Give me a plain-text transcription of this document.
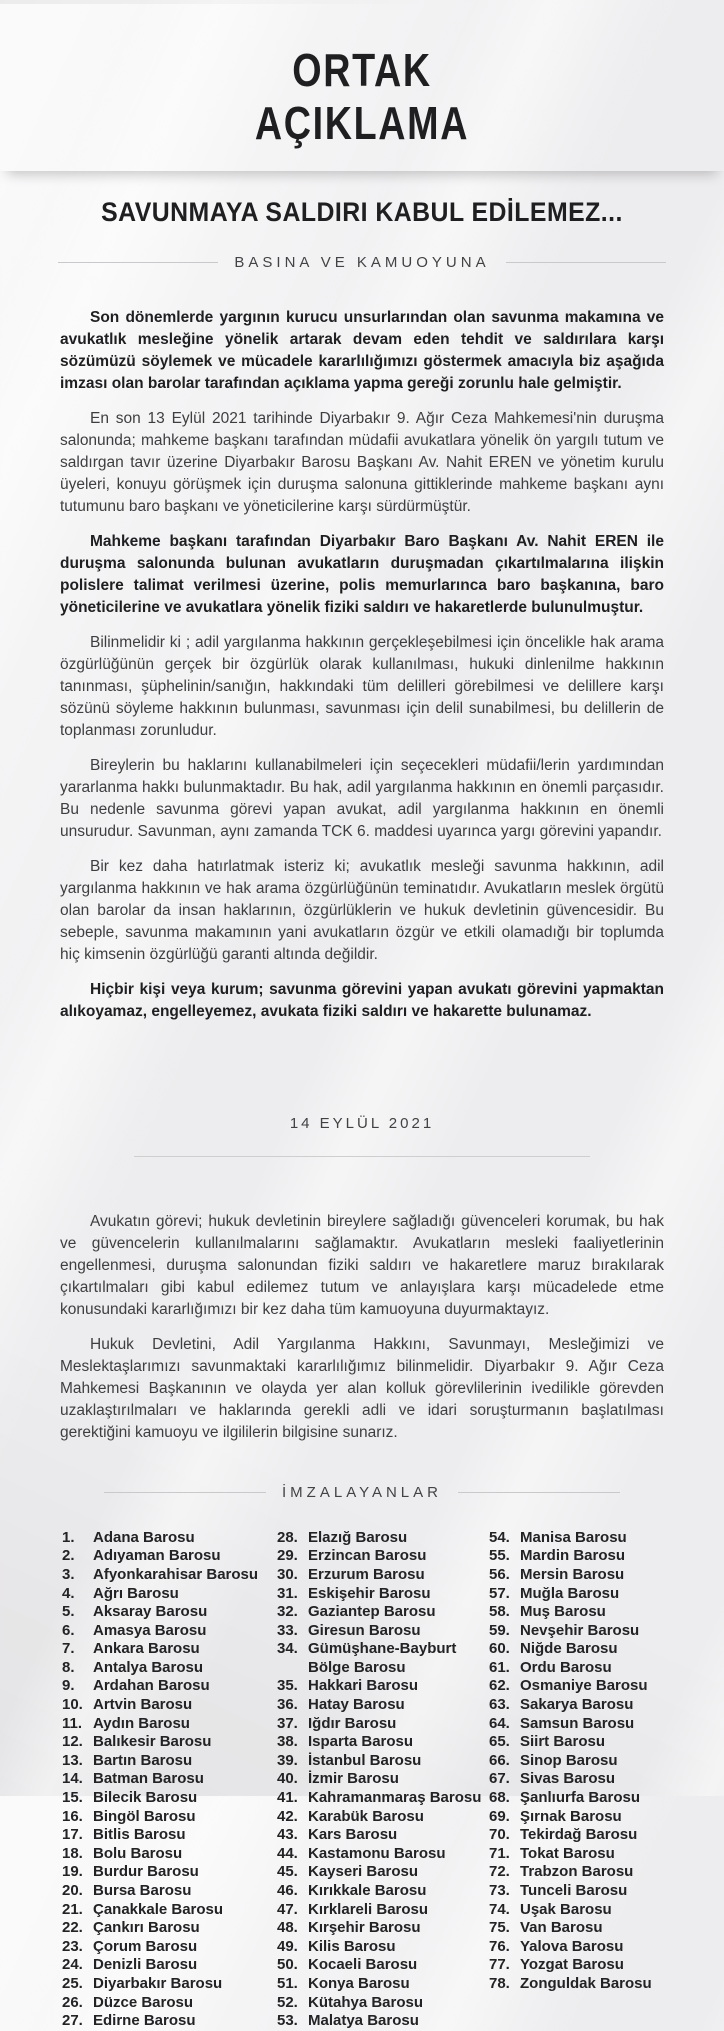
ORTAK
AÇIKLAMA
SAVUNMAYA SALDIRI KABUL EDİLEMEZ...
BASINA VE KAMUOYUNA

Son dönemlerde yargının kurucu unsurlarından olan savunma makamına ve avukatlık mesleğine yönelik artarak devam eden tehdit ve saldırılara karşı sözümüzü söylemek ve mücadele kararlılığımızı göstermek amacıyla biz aşağıda imzası olan barolar tarafından açıklama yapma gereği zorunlu hale gelmiştir.

En son 13 Eylül 2021 tarihinde Diyarbakır 9. Ağır Ceza Mahkemesi'nin duruşma salonunda; mahkeme başkanı tarafından müdafii avukatlara yönelik ön yargılı tutum ve saldırgan tavır üzerine Diyarbakır Barosu Başkanı Av. Nahit EREN ve yönetim kurulu üyeleri, konuyu görüşmek için duruşma salonuna gittiklerinde mahkeme başkanı aynı tutumunu baro başkanı ve yöneticilerine karşı sürdürmüştür.

Mahkeme başkanı tarafından Diyarbakır Baro Başkanı Av. Nahit EREN ile duruşma salonunda bulunan avukatların duruşmadan çıkartılmalarına ilişkin polislere talimat verilmesi üzerine, polis memurlarınca baro başkanına, baro yöneticilerine ve avukatlara yönelik fiziki saldırı ve hakaretlerde bulunulmuştur.

Bilinmelidir ki ; adil yargılanma hakkının gerçekleşebilmesi için öncelikle hak arama özgürlüğünün gerçek bir özgürlük olarak kullanılması, hukuki dinlenilme hakkının tanınması, şüphelinin/sanığın, hakkındaki tüm delilleri görebilmesi ve delillere karşı sözünü söyleme hakkının bulunması, savunması için delil sunabilmesi, bu delillerin de toplanması zorunludur.

Bireylerin bu haklarını kullanabilmeleri için seçecekleri müdafii/lerin yardımından yararlanma hakkı bulunmaktadır. Bu hak, adil yargılanma hakkının en önemli parçasıdır. Bu nedenle savunma görevi yapan avukat, adil yargılanma hakkının en önemli unsurudur. Savunman, aynı zamanda TCK 6. maddesi uyarınca yargı görevini yapandır.

Bir kez daha hatırlatmak isteriz ki; avukatlık mesleği savunma hakkının, adil yargılanma hakkının ve hak arama özgürlüğünün teminatıdır. Avukatların meslek örgütü olan barolar da insan haklarının, özgürlüklerin ve hukuk devletinin güvencesidir. Bu sebeple, savunma makamının yani avukatların özgür ve etkili olamadığı bir toplumda hiç kimsenin özgürlüğü garanti altında değildir.

Hiçbir kişi veya kurum; savunma görevini yapan avukatı görevini yapmaktan alıkoyamaz, engelleyemez, avukata fiziki saldırı ve hakarette bulunamaz.

14 EYLÜL 2021

Avukatın görevi; hukuk devletinin bireylere sağladığı güvenceleri korumak, bu hak ve güvencelerin kullanılmalarını sağlamaktır. Avukatların mesleki faaliyetlerinin engellenmesi, duruşma salonundan fiziki saldırı ve hakaretlere maruz bırakılarak çıkartılmaları gibi kabul edilemez tutum ve anlayışlara karşı mücadelede etme konusundaki kararlığımızı bir kez daha tüm kamuoyuna duyurmaktayız.

Hukuk Devletini, Adil Yargılanma Hakkını, Savunmayı, Mesleğimizi ve Meslektaşlarımızı savunmaktaki kararlılığımız bilinmelidir. Diyarbakır 9. Ağır Ceza Mahkemesi Başkanının ve olayda yer alan kolluk görevlilerinin ivedilikle görevden uzaklaştırılmaları ve haklarında gerekli adli ve idari soruşturmanın başlatılması gerektiğini kamuoyu ve ilgililerin bilgisine sunarız.

İMZALAYANLAR
1.	Adana Barosu
2.	Adıyaman Barosu
3.	Afyonkarahisar Barosu
4.	Ağrı Barosu
5.	Aksaray Barosu
6.	Amasya Barosu
7.	Ankara Barosu
8.	Antalya Barosu
9.	Ardahan Barosu
10. Artvin Barosu
11. Aydın Barosu
12. Balıkesir Barosu
13. Bartın Barosu
14. Batman Barosu
15. Bilecik Barosu
16. Bingöl Barosu
17. Bitlis Barosu
18. Bolu Barosu
19. Burdur Barosu
20. Bursa Barosu
21. Çanakkale Barosu
22. Çankırı Barosu
23. Çorum Barosu
24. Denizli Barosu
25. Diyarbakır Barosu
26. Düzce Barosu
27. Edirne Barosu
28. Elazığ Barosu
29. Erzincan Barosu
30. Erzurum Barosu
31. Eskişehir Barosu
32. Gaziantep Barosu
33. Giresun Barosu
34. Gümüşhane-Bayburt Bölge Barosu
35. Hakkari Barosu
36. Hatay Barosu
37. Iğdır Barosu
38. Isparta Barosu
39. İstanbul Barosu
40. İzmir Barosu
41. Kahramanmaraş Barosu
42. Karabük Barosu
43. Kars Barosu
44. Kastamonu Barosu
45. Kayseri Barosu
46. Kırıkkale Barosu
47. Kırklareli Barosu
48. Kırşehir Barosu
49. Kilis Barosu
50. Kocaeli Barosu
51. Konya Barosu
52. Kütahya Barosu
53. Malatya Barosu
54. Manisa Barosu
55. Mardin Barosu
56. Mersin Barosu
57. Muğla Barosu
58. Muş Barosu
59. Nevşehir Barosu
60. Niğde Barosu
61. Ordu Barosu
62. Osmaniye Barosu
63. Sakarya Barosu
64. Samsun Barosu
65. Siirt Barosu
66. Sinop Barosu
67. Sivas Barosu
68. Şanlıurfa Barosu
69. Şırnak Barosu
70. Tekirdağ Barosu
71. Tokat Barosu
72. Trabzon Barosu
73. Tunceli Barosu
74. Uşak Barosu
75. Van Barosu
76. Yalova Barosu
77. Yozgat Barosu
78. Zonguldak Barosu
